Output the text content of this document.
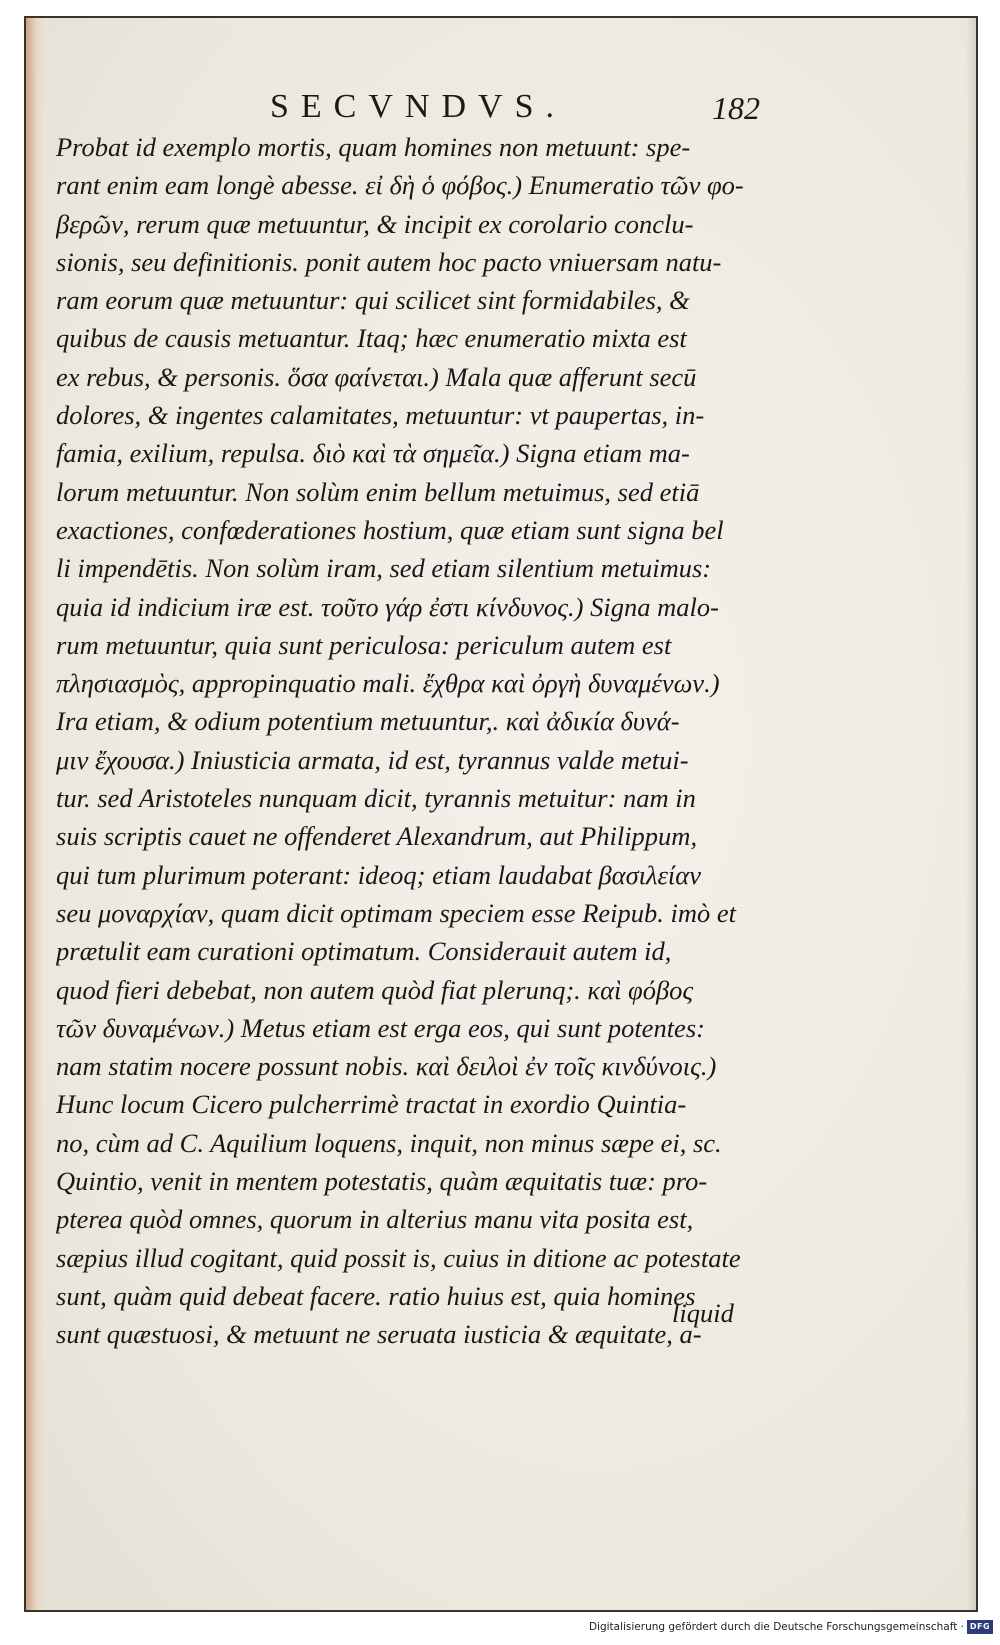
SECVNDVS.	182
Probat id exemplo mortis, quam homines non metuunt: spe-
rant enim eam longè abesse. εἰ δὴ ὁ φόβος.) Enumeratio τῶν φο-
βερῶν, rerum quæ metuuntur, & incipit ex corolario conclu-
sionis, seu definitionis. ponit autem hoc pacto vniuersam natu-
ram eorum quæ metuuntur: qui scilicet sint formidabiles, &
quibus de causis metuantur. Itaq; hæc enumeratio mixta est
ex rebus, & personis. ὅσα φαίνεται.) Mala quæ afferunt secū
dolores, & ingentes calamitates, metuuntur: vt paupertas, in-
famia, exilium, repulsa. διὸ καὶ τὰ σημεῖα.) Signa etiam ma-
lorum metuuntur. Non solùm enim bellum metuimus, sed etiā
exactiones, confœderationes hostium, quæ etiam sunt signa bel
li impendētis. Non solùm iram, sed etiam silentium metuimus:
quia id indicium iræ est. τοῦτο γάρ ἐστι κίνδυνος.) Signa malo-
rum metuuntur, quia sunt periculosa: periculum autem est
πλησιασμὸς, appropinquatio mali. ἔχθρα καὶ ὀργὴ δυναμένων.)
Ira etiam, & odium potentium metuuntur,. καὶ ἀδικία δυνά-
μιν ἔχουσα.) Iniusticia armata, id est, tyrannus valde metui-
tur. sed Aristoteles nunquam dicit, tyrannis metuitur: nam in
suis scriptis cauet ne offenderet Alexandrum, aut Philippum,
qui tum plurimum poterant: ideoq; etiam laudabat βασιλείαν
seu μοναρχίαν, quam dicit optimam speciem esse Reipub. imò et
prætulit eam curationi optimatum. Considerauit autem id,
quod fieri debebat, non autem quòd fiat plerunq;. καὶ φόβος
τῶν δυναμένων.) Metus etiam est erga eos, qui sunt potentes:
nam statim nocere possunt nobis. καὶ δειλοὶ ἐν τοῖς κινδύνοις.)
Hunc locum Cicero pulcherrimè tractat in exordio Quintia-
no, cùm ad C. Aquilium loquens, inquit, non minus sæpe ei, sc.
Quintio, venit in mentem potestatis, quàm æquitatis tuæ: pro-
pterea quòd omnes, quorum in alterius manu vita posita est,
sæpius illud cogitant, quid possit is, cuius in ditione ac potestate
sunt, quàm quid debeat facere. ratio huius est, quia homines
sunt quæstuosi, & metuunt ne seruata iusticia & æquitate, a-
liquid
Digitalisierung gefördert durch die Deutsche Forschungsgemeinschaft · DFG
